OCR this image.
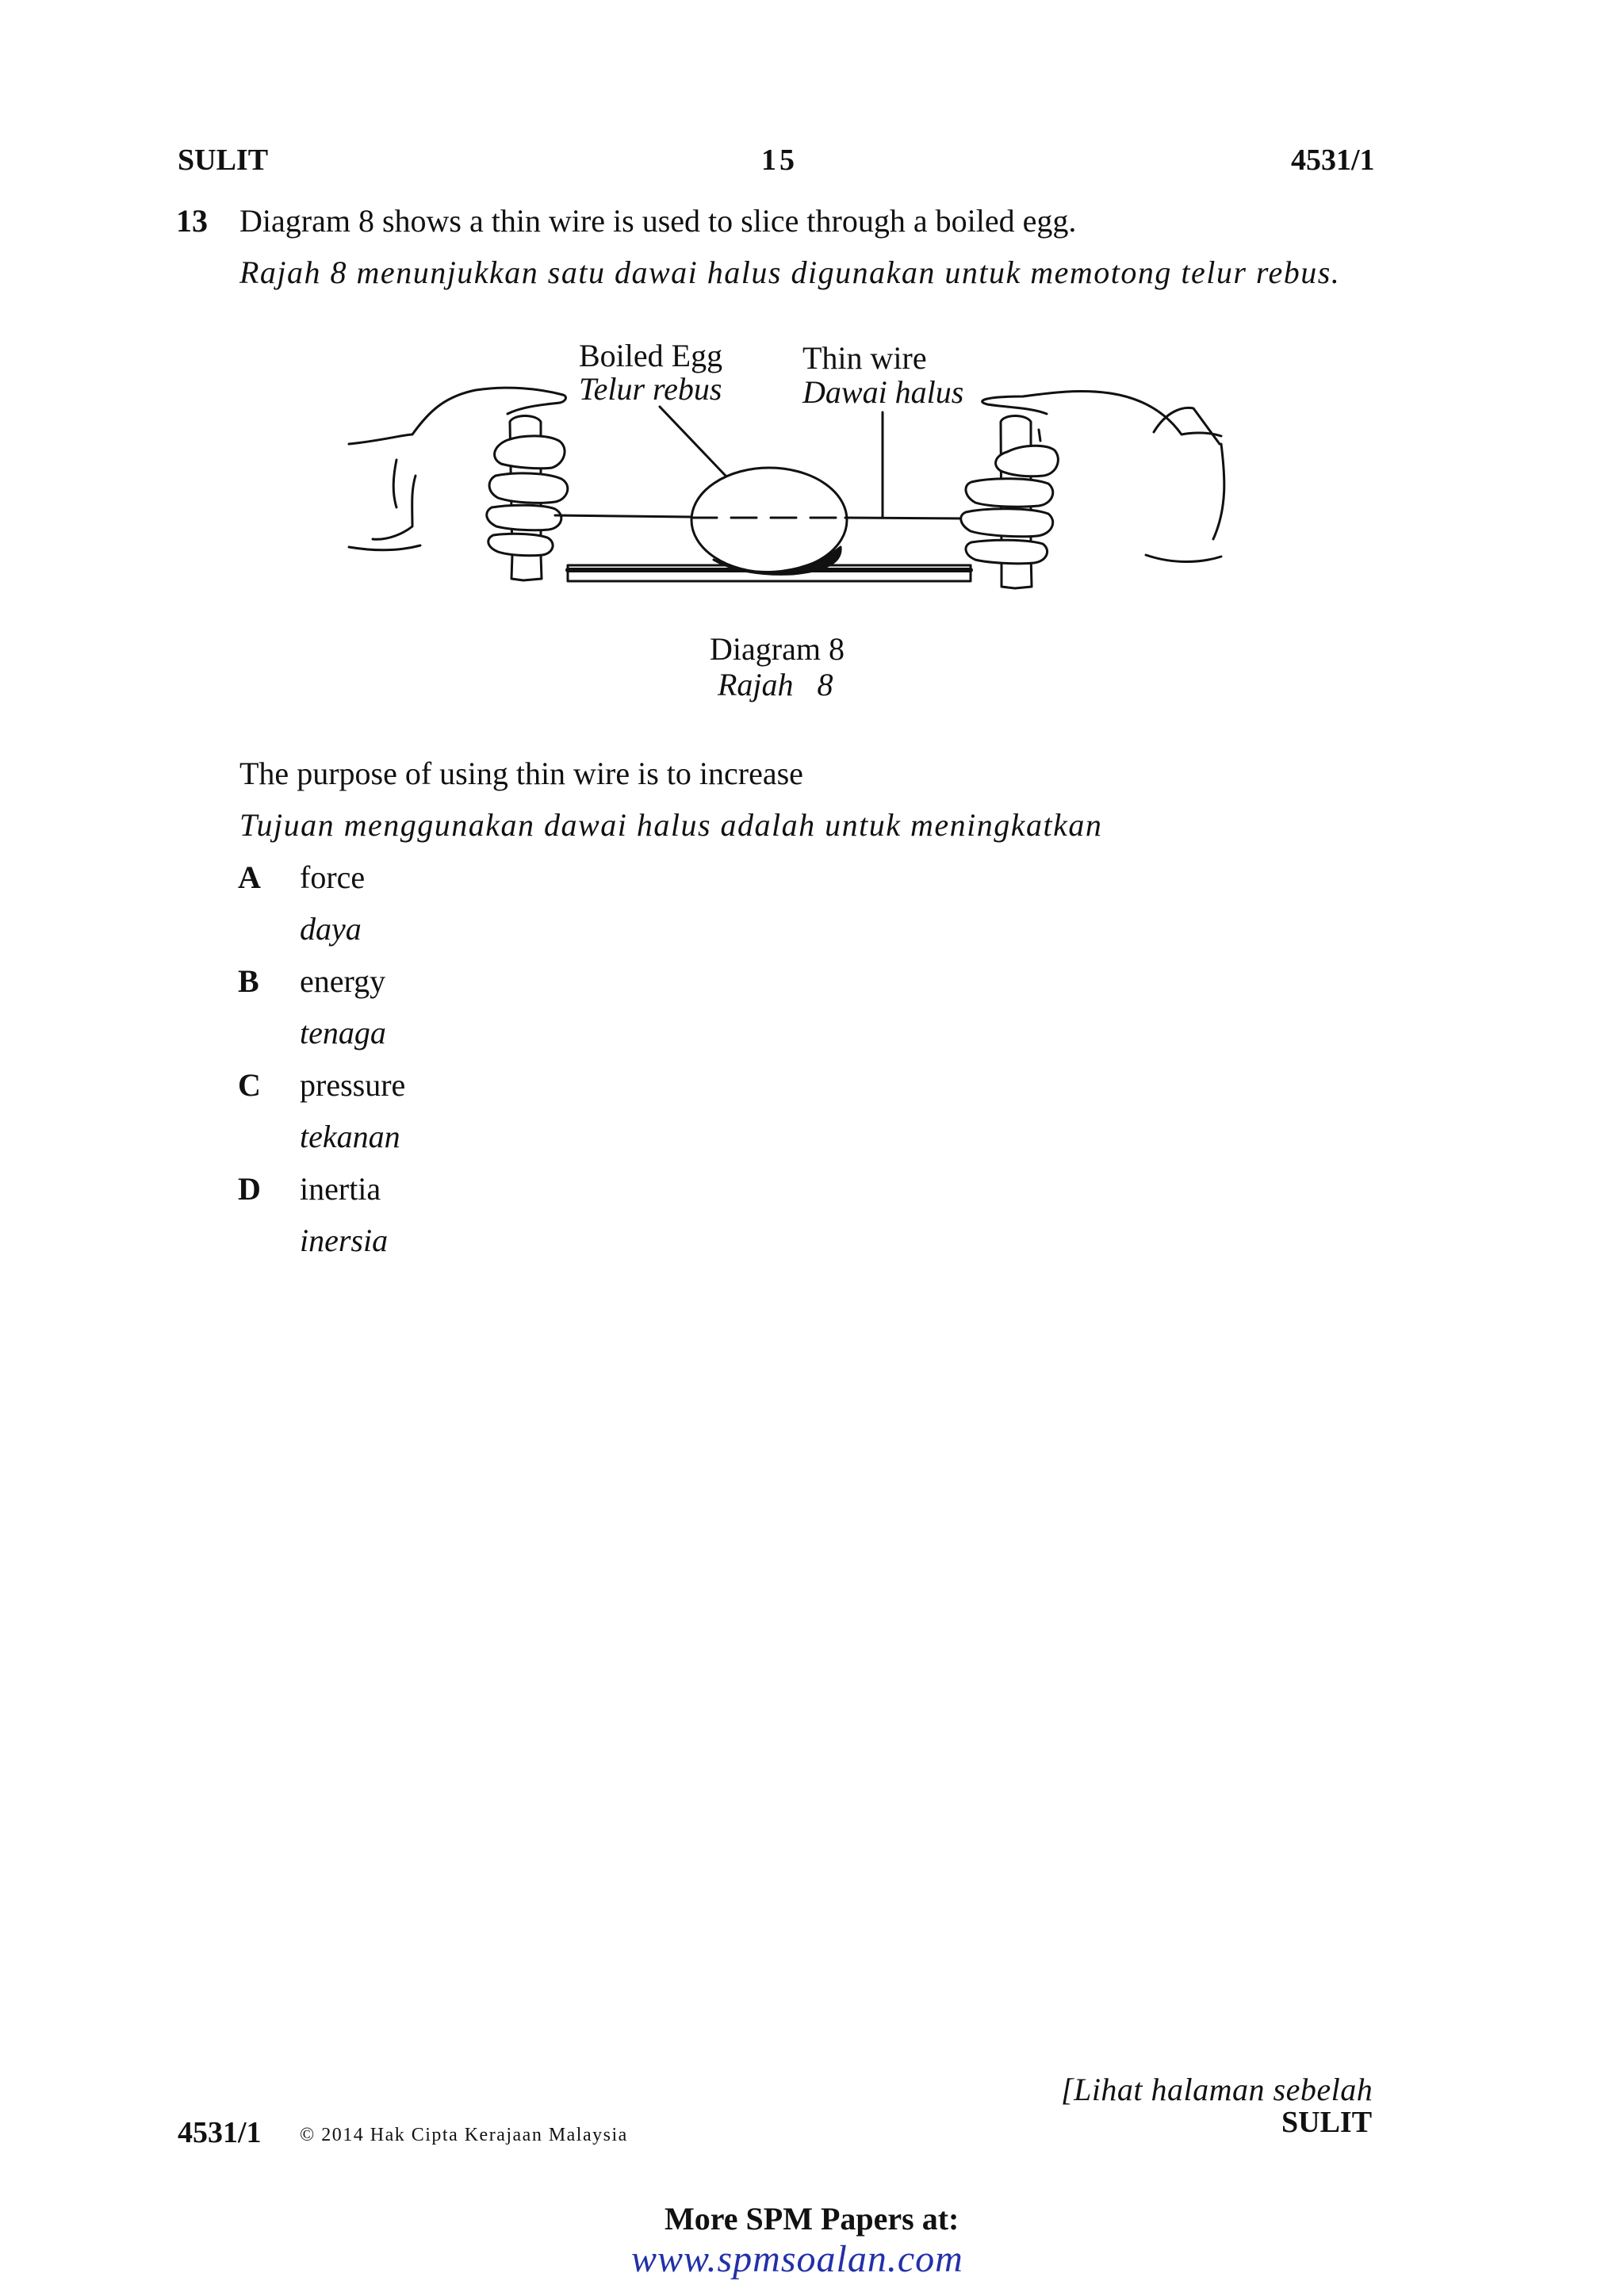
SULIT	15	4531/1
13 Diagram 8 shows a thin wire is used to slice through a boiled egg.
Rajah 8 menunjukkan satu dawai halus digunakan untuk memotong telur rebus.
Boiled Egg
Telur rebus
Thin wire
Dawai halus
Diagram 8
Rajah   8
The purpose of using thin wire is to increase
Tujuan menggunakan dawai halus adalah untuk meningkatkan
A force
daya
B energy
tenaga
C pressure
tekanan
D inertia
inersia
[Lihat halaman sebelah
SULIT
4531/1 © 2014 Hak Cipta Kerajaan Malaysia
More SPM Papers at:
www.spmsoalan.com
